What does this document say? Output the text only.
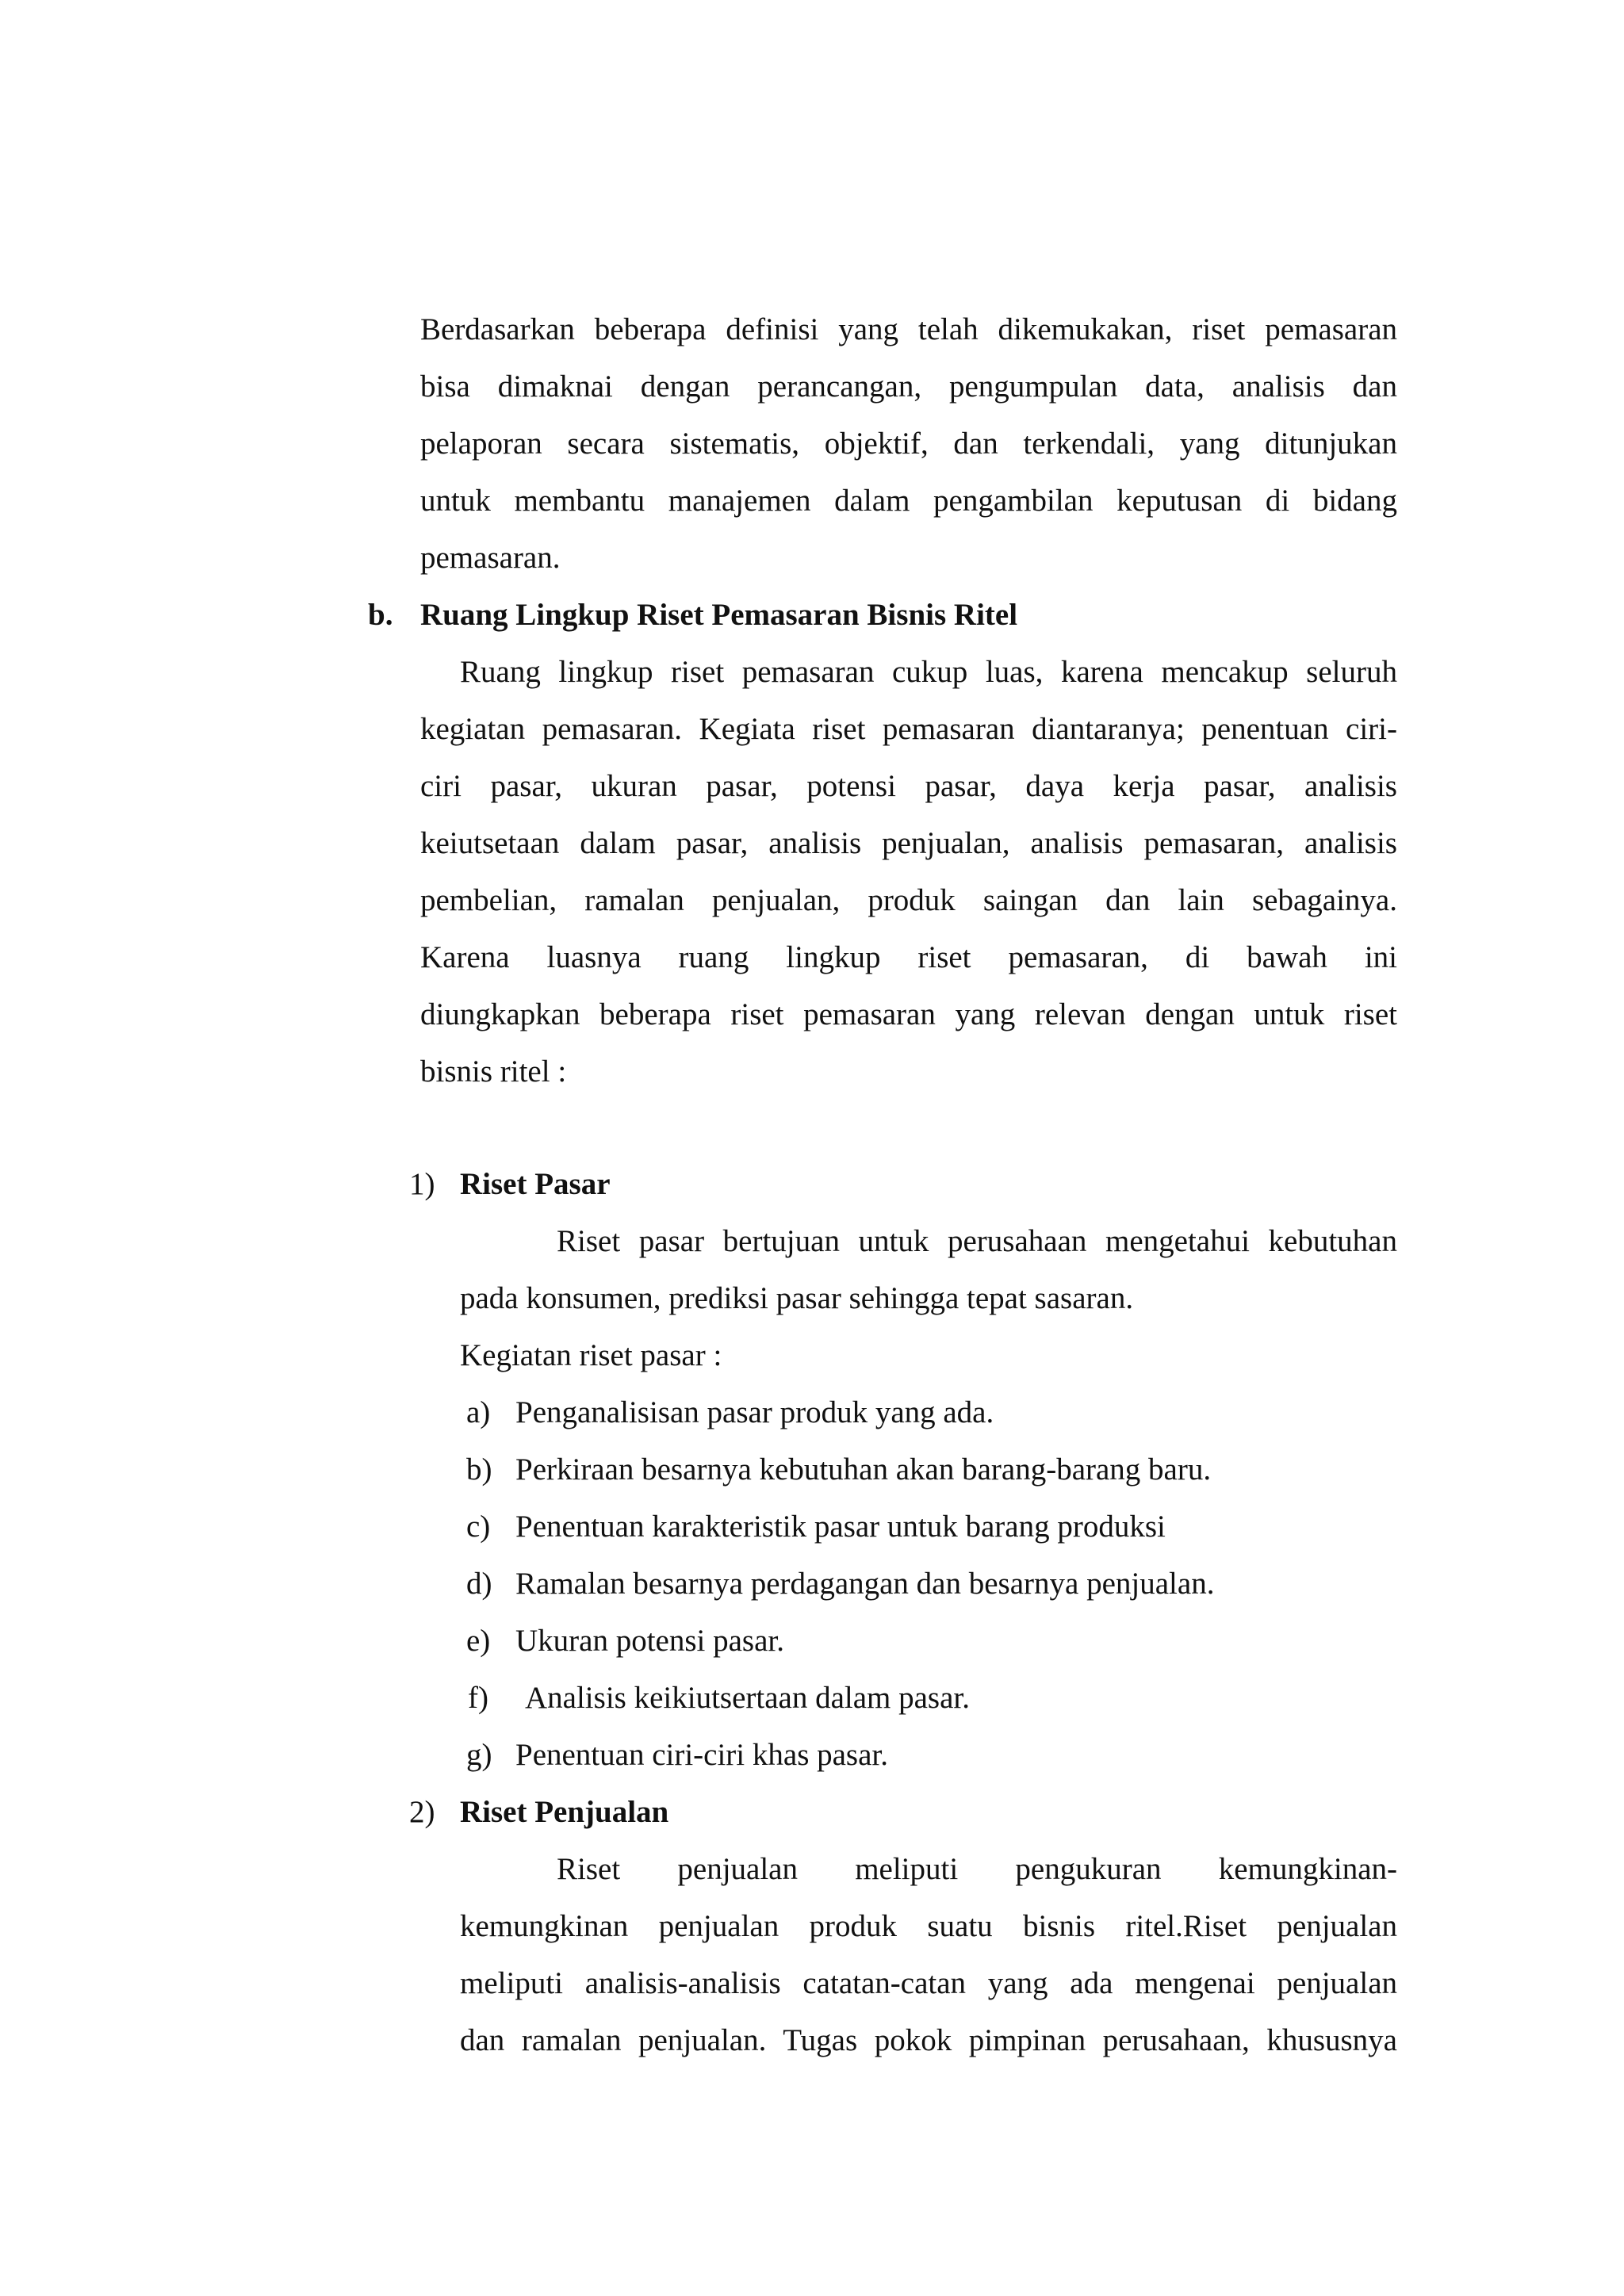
Berdasarkan beberapa definisi yang telah dikemukakan, riset pemasaran
bisa dimaknai dengan perancangan, pengumpulan data, analisis dan
pelaporan secara sistematis, objektif, dan terkendali, yang ditunjukan
untuk membantu manajemen dalam pengambilan keputusan di bidang
pemasaran.
b. Ruang Lingkup Riset Pemasaran Bisnis Ritel
Ruang lingkup riset pemasaran cukup luas, karena mencakup seluruh
kegiatan pemasaran. Kegiata riset pemasaran diantaranya; penentuan ciri-
ciri pasar, ukuran pasar, potensi pasar, daya kerja pasar, analisis
keiutsetaan dalam pasar, analisis penjualan, analisis pemasaran, analisis
pembelian, ramalan penjualan, produk saingan dan lain sebagainya.
Karena luasnya ruang lingkup riset pemasaran, di bawah ini
diungkapkan beberapa riset pemasaran yang relevan dengan untuk riset
bisnis ritel :
1) Riset Pasar
Riset pasar bertujuan untuk perusahaan mengetahui kebutuhan
pada konsumen, prediksi pasar sehingga tepat sasaran.
Kegiatan riset pasar :
a) Penganalisisan pasar produk yang ada.
b) Perkiraan besarnya kebutuhan akan barang-barang baru.
c) Penentuan karakteristik pasar untuk barang produksi
d) Ramalan besarnya perdagangan dan besarnya penjualan.
e) Ukuran potensi pasar.
f) Analisis keikiutsertaan dalam pasar.
g) Penentuan ciri-ciri khas pasar.
2) Riset Penjualan
Riset penjualan meliputi pengukuran kemungkinan-
kemungkinan penjualan produk suatu bisnis ritel.Riset penjualan
meliputi analisis-analisis catatan-catan yang ada mengenai penjualan
dan ramalan penjualan. Tugas pokok pimpinan perusahaan, khususnya
